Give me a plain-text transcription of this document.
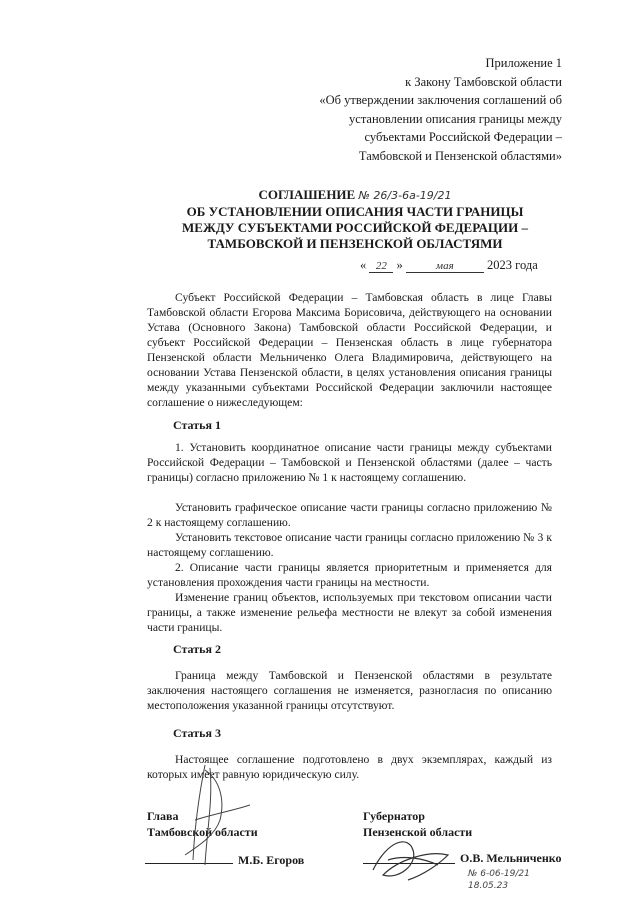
Приложение 1
к Закону Тамбовской области
«Об утверждении заключения соглашений об
установлении описания границы между
субъектами Российской Федерации –
Тамбовской и Пензенской областями»
СОГЛАШЕНИЕ № 26/3-6а-19/21
ОБ УСТАНОВЛЕНИИ ОПИСАНИЯ ЧАСТИ ГРАНИЦЫ
МЕЖДУ СУБЪЕКТАМИ РОССИЙСКОЙ ФЕДЕРАЦИИ –
ТАМБОВСКОЙ И ПЕНЗЕНСКОЙ ОБЛАСТЯМИ
« 22 »	мая	2023 года
Субъект Российской Федерации – Тамбовская область в лице Главы Тамбовской области Егорова Максима Борисовича, действующего на основании Устава (Основного Закона) Тамбовской области Российской Федерации, и субъект Российской Федерации – Пензенская область в лице губернатора Пензенской области Мельниченко Олега Владимировича, действующего на основании Устава Пензенской области, в целях установления описания границы между указанными субъектами Российской Федерации заключили настоящее соглашение о нижеследующем:
Статья 1
1. Установить координатное описание части границы между субъектами Российской Федерации – Тамбовской и Пензенской областями (далее – часть границы) согласно приложению № 1 к настоящему соглашению.
Установить графическое описание части границы согласно приложению № 2 к настоящему соглашению.
Установить текстовое описание части границы согласно приложению № 3 к настоящему соглашению.
2. Описание части границы является приоритетным и применяется для установления прохождения части границы на местности.
Изменение границ объектов, используемых при текстовом описании части границы, а также изменение рельефа местности не влекут за собой изменения части границы.
Статья 2
Граница между Тамбовской и Пензенской областями в результате заключения настоящего соглашения не изменяется, разногласия по описанию местоположения указанной границы отсутствуют.
Статья 3
Настоящее соглашение подготовлено в двух экземплярах, каждый из которых имеет равную юридическую силу.
Глава
Тамбовской области
М.Б. Егоров
Губернатор
Пензенской области
О.В. Мельниченко
№ 6-06-19/21
18.05.23
